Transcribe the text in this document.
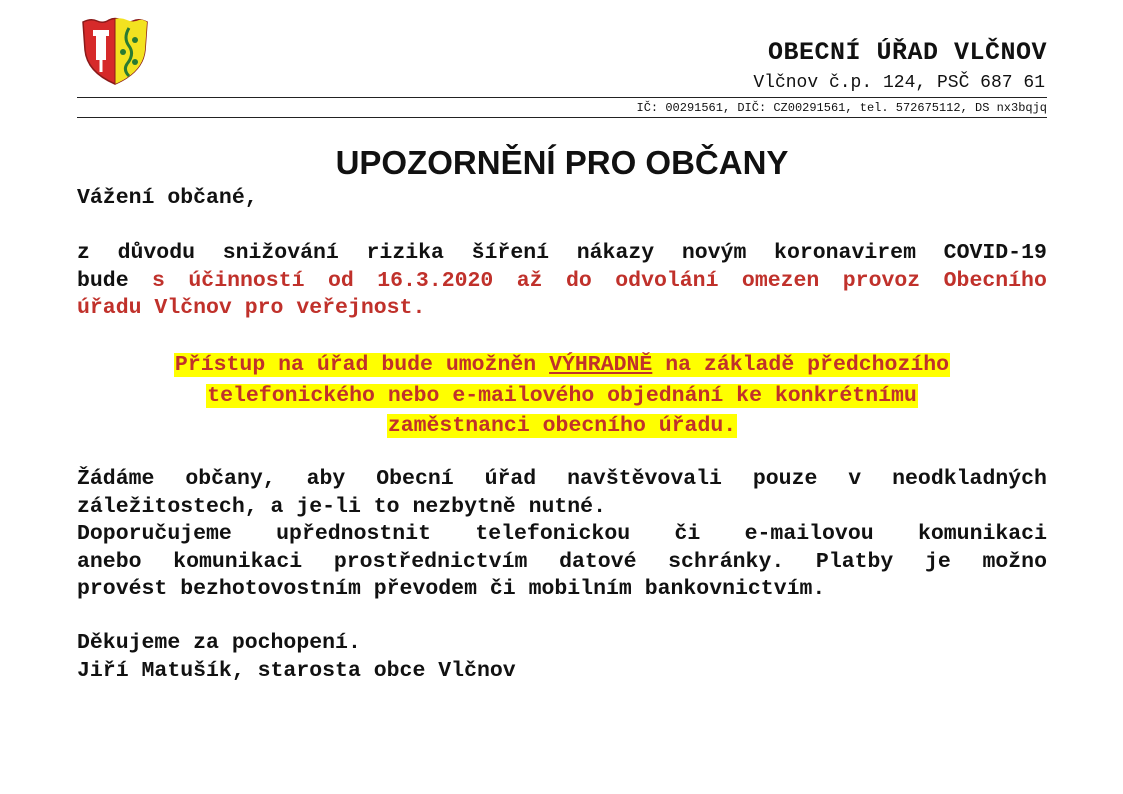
OBECNÍ ÚŘAD VLČNOV
Vlčnov č.p. 124, PSČ 687 61
IČ: 00291561, DIČ: CZ00291561, tel. 572675112, DS nx3bqjq
UPOZORNĚNÍ PRO OBČANY
Vážení občané,
z důvodu snižování rizika šíření nákazy novým koronavirem COVID-19
bude s účinností od 16.3.2020 až do odvolání omezen provoz Obecního
úřadu Vlčnov pro veřejnost.
Přístup na úřad bude umožněn VÝHRADNĚ na základě předchozího
telefonického nebo e-mailového objednání ke konkrétnímu
zaměstnanci obecního úřadu.
Žádáme občany, aby Obecní úřad navštěvovali pouze v neodkladných
záležitostech, a je-li to nezbytně nutné.
Doporučujeme upřednostnit telefonickou či e-mailovou komunikaci
anebo komunikaci prostřednictvím datové schránky. Platby je možno
provést bezhotovostním převodem či mobilním bankovnictvím.
Děkujeme za pochopení.
Jiří Matušík, starosta obce Vlčnov
